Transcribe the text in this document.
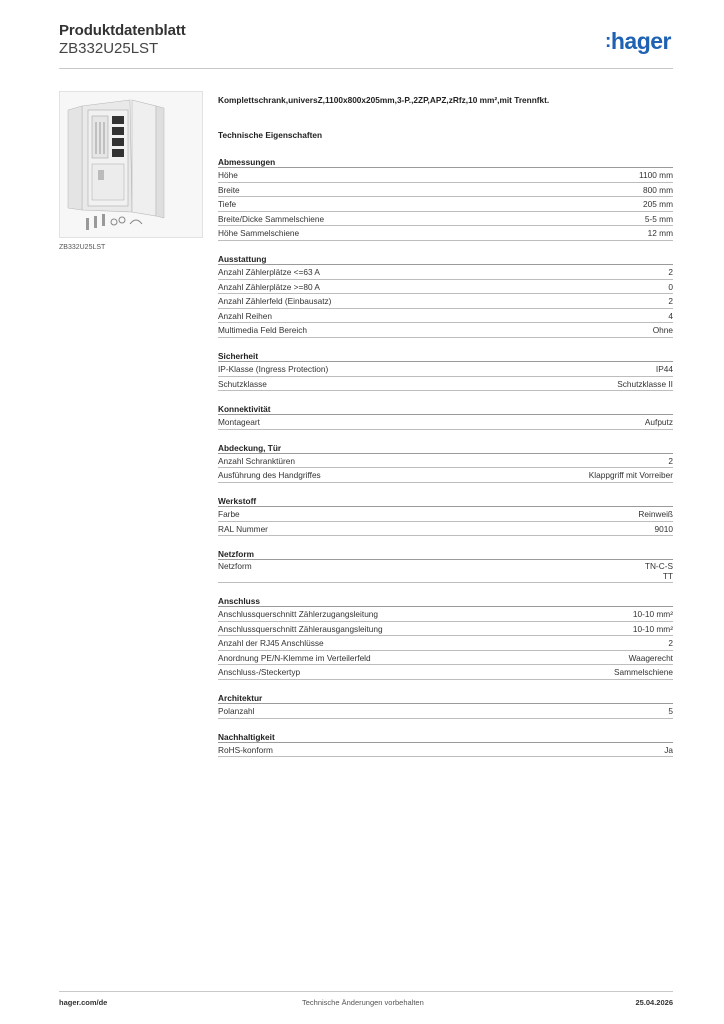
Produktdatenblatt
ZB332U25LST	:hager
ZB332U25LST
Komplettschrank,universZ,1100x800x205mm,3-P.,2ZP,APZ,zRfz,10 mm²,mit Trennfkt.
Technische Eigenschaften
Abmessungen
Höhe	1100 mm
Breite	800 mm
Tiefe	205 mm
Breite/Dicke Sammelschiene	5-5 mm
Höhe Sammelschiene	12 mm
Ausstattung
Anzahl Zählerplätze <=63 A	2
Anzahl Zählerplätze >=80 A	0
Anzahl Zählerfeld (Einbausatz)	2
Anzahl Reihen	4
Multimedia Feld Bereich	Ohne
Sicherheit
IP-Klasse (Ingress Protection)	IP44
Schutzklasse	Schutzklasse II
Konnektivität
Montageart	Aufputz
Abdeckung, Tür
Anzahl Schranktüren	2
Ausführung des Handgriffes	Klappgriff mit Vorreiber
Werkstoff
Farbe	Reinweiß
RAL Nummer	9010
Netzform
Netzform	TN-C-S
TT
Anschluss
Anschlussquerschnitt Zählerzugangsleitung	10-10 mm²
Anschlussquerschnitt Zählerausgangsleitung	10-10 mm²
Anzahl der RJ45 Anschlüsse	2
Anordnung PE/N-Klemme im Verteilerfeld	Waagerecht
Anschluss-/Steckertyp	Sammelschiene
Architektur
Polanzahl	5
Nachhaltigkeit
RoHS-konform	Ja
hager.com/de	Technische Änderungen vorbehalten	25.04.2026
